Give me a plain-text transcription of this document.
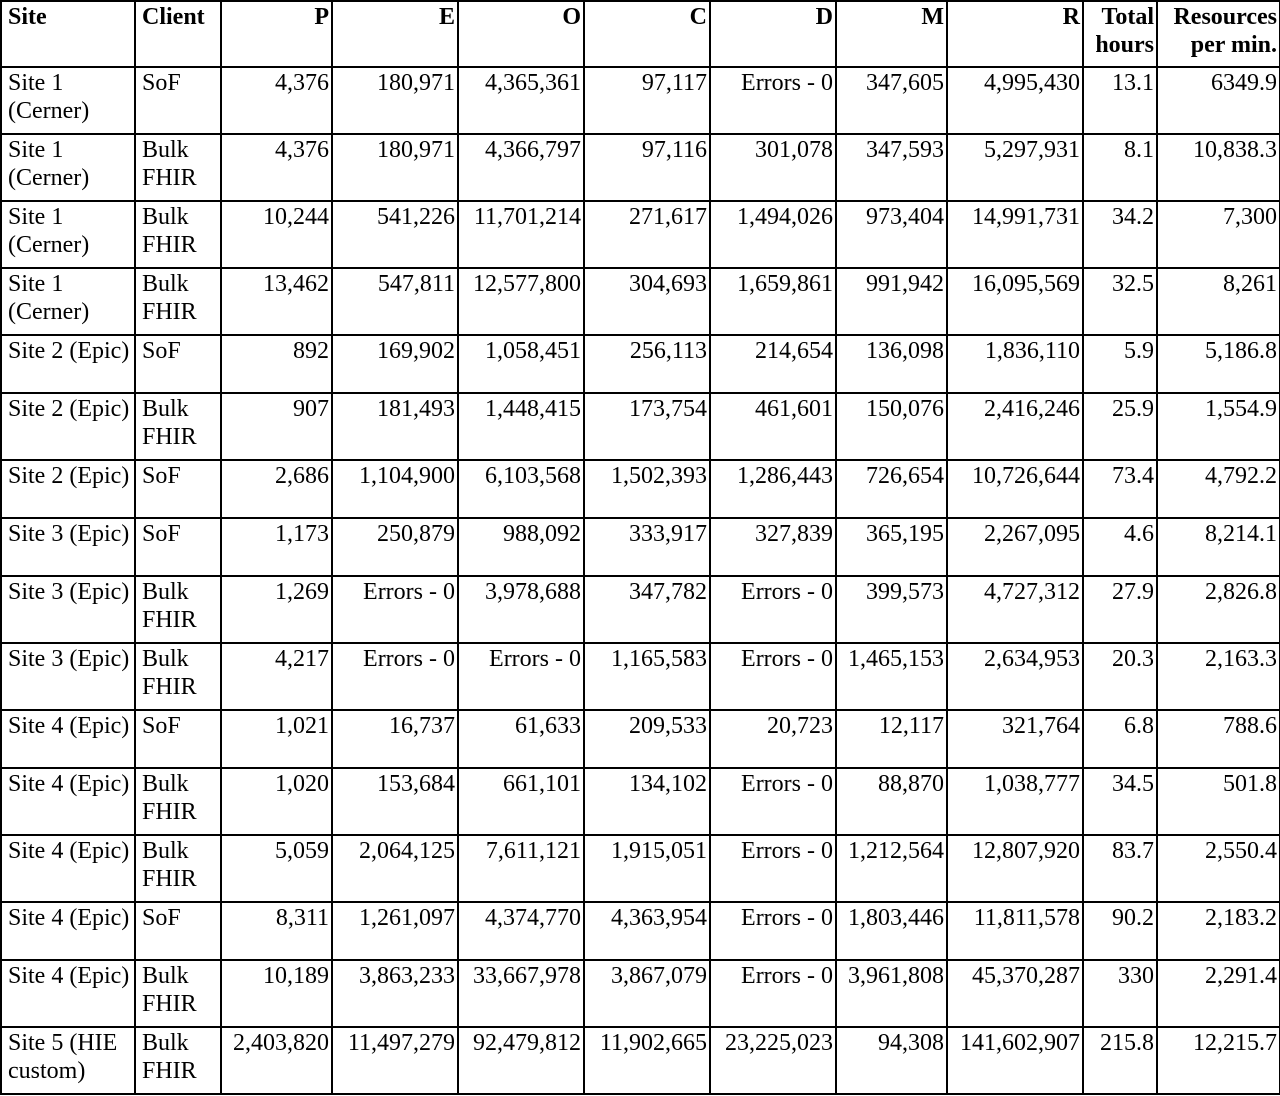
Site	Client	P	E	O	C	D	M	R	Total hours	Resources per min.
Site 1 (Cerner)	SoF	4,376	180,971	4,365,361	97,117	Errors - 0	347,605	4,995,430	13.1	6349.9
Site 1 (Cerner)	Bulk FHIR	4,376	180,971	4,366,797	97,116	301,078	347,593	5,297,931	8.1	10,838.3
Site 1 (Cerner)	Bulk FHIR	10,244	541,226	11,701,214	271,617	1,494,026	973,404	14,991,731	34.2	7,300
Site 1 (Cerner)	Bulk FHIR	13,462	547,811	12,577,800	304,693	1,659,861	991,942	16,095,569	32.5	8,261
Site 2 (Epic)	SoF	892	169,902	1,058,451	256,113	214,654	136,098	1,836,110	5.9	5,186.8
Site 2 (Epic)	Bulk FHIR	907	181,493	1,448,415	173,754	461,601	150,076	2,416,246	25.9	1,554.9
Site 2 (Epic)	SoF	2,686	1,104,900	6,103,568	1,502,393	1,286,443	726,654	10,726,644	73.4	4,792.2
Site 3 (Epic)	SoF	1,173	250,879	988,092	333,917	327,839	365,195	2,267,095	4.6	8,214.1
Site 3 (Epic)	Bulk FHIR	1,269	Errors - 0	3,978,688	347,782	Errors - 0	399,573	4,727,312	27.9	2,826.8
Site 3 (Epic)	Bulk FHIR	4,217	Errors - 0	Errors - 0	1,165,583	Errors - 0	1,465,153	2,634,953	20.3	2,163.3
Site 4 (Epic)	SoF	1,021	16,737	61,633	209,533	20,723	12,117	321,764	6.8	788.6
Site 4 (Epic)	Bulk FHIR	1,020	153,684	661,101	134,102	Errors - 0	88,870	1,038,777	34.5	501.8
Site 4 (Epic)	Bulk FHIR	5,059	2,064,125	7,611,121	1,915,051	Errors - 0	1,212,564	12,807,920	83.7	2,550.4
Site 4 (Epic)	SoF	8,311	1,261,097	4,374,770	4,363,954	Errors - 0	1,803,446	11,811,578	90.2	2,183.2
Site 4 (Epic)	Bulk FHIR	10,189	3,863,233	33,667,978	3,867,079	Errors - 0	3,961,808	45,370,287	330	2,291.4
Site 5 (HIE custom)	Bulk FHIR	2,403,820	11,497,279	92,479,812	11,902,665	23,225,023	94,308	141,602,907	215.8	12,215.7
